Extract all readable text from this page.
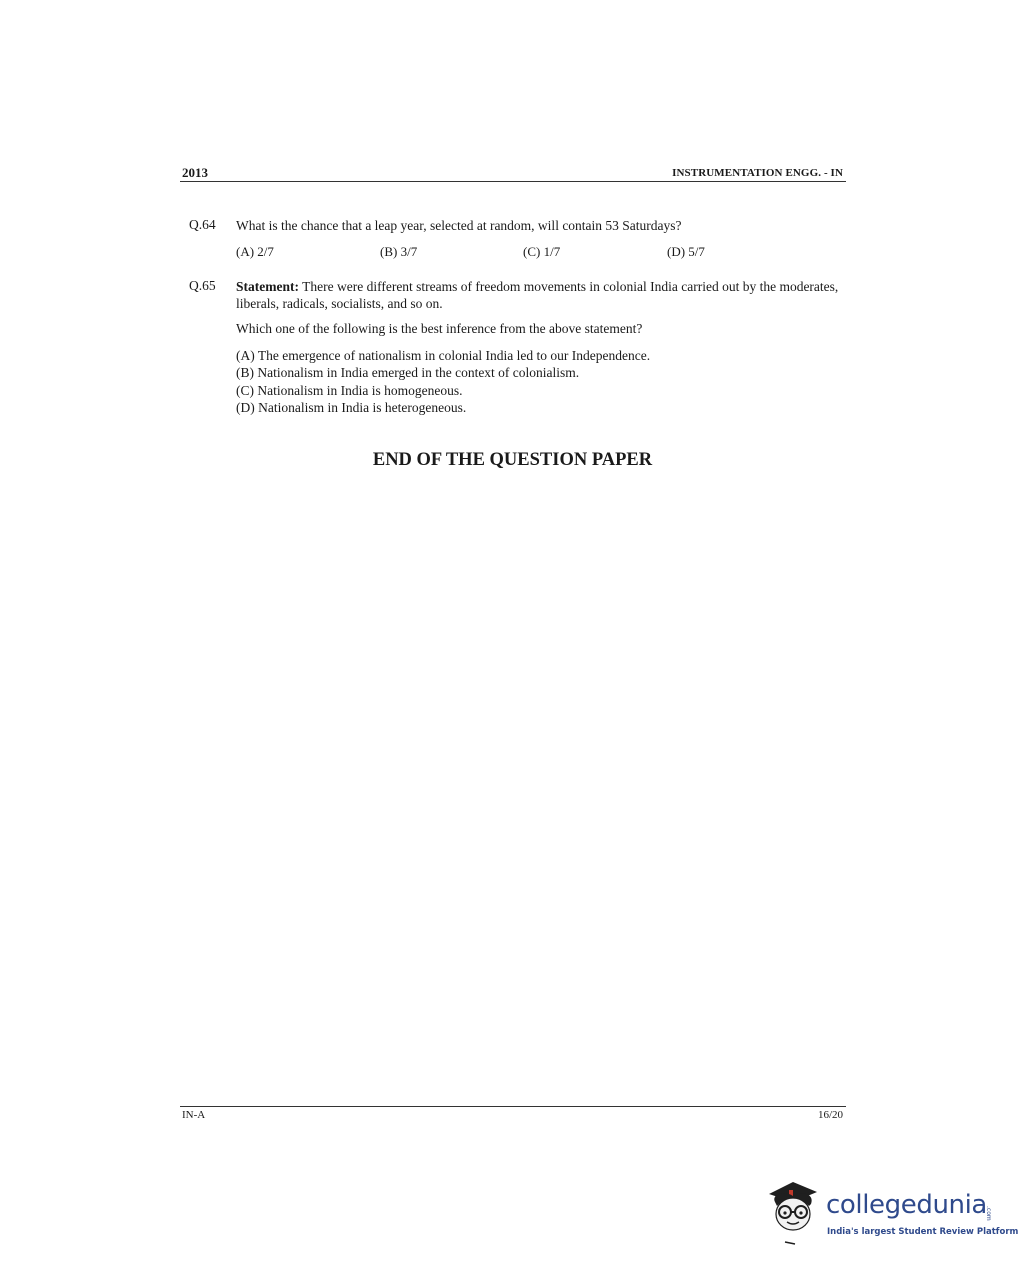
2013	INSTRUMENTATION ENGG. - IN
Q.64 What is the chance that a leap year, selected at random, will contain 53 Saturdays?
(A) 2/7	(B) 3/7	(C) 1/7	(D) 5/7
Q.65 Statement: There were different streams of freedom movements in colonial India carried out by the moderates, liberals, radicals, socialists, and so on.
Which one of the following is the best inference from the above statement?
(A) The emergence of nationalism in colonial India led to our Independence.
(B) Nationalism in India emerged in the context of colonialism.
(C) Nationalism in India is homogeneous.
(D) Nationalism in India is heterogeneous.
END OF THE QUESTION PAPER
IN-A	16/20
collegedunia
.com
India's largest Student Review Platform
